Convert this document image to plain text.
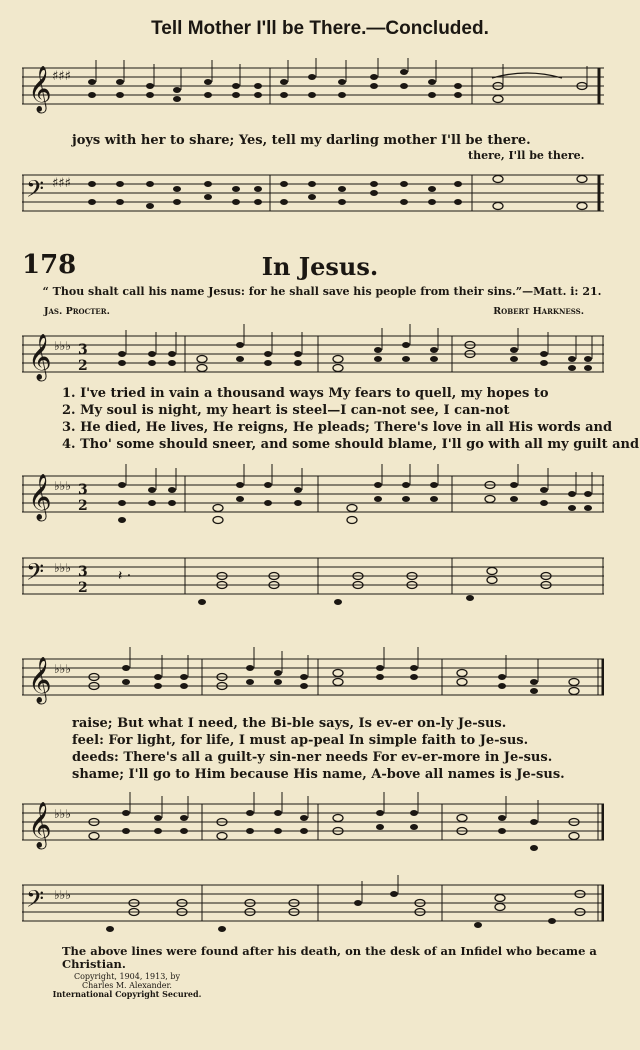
Tell Mother I'll be There.—Concluded.
𝄞 ♯♯♯
joys with her to share; Yes, tell my darling mother I'll be there.
there, I'll be there.
𝄢 ♯♯♯
178	In Jesus.
“ Thou shalt call his name Jesus: for he shall save his people from their sins.”—Matt. i: 21.
Jas. Procter.	Robert Harkness.
𝄞 ♭♭♭ 3
2
1. I've tried in vain a thousand ways My fears to quell, my hopes to
2. My soul is night, my heart is steel—I can-not see, I can-not
3. He died, He lives, He reigns, He pleads; There's love in all His words and
4. Tho' some should sneer, and some should blame, I'll go with all my guilt and
𝄞 ♭♭♭ 3
2
𝄢 ♭♭♭ 3
2
𝄽 ·
𝄞 ♭♭♭
raise; But what I need, the Bi-ble says, Is ev-er on-ly Je-sus.
feel: For light, for life, I must ap-peal In simple faith to Je-sus.
deeds: There's all a guilt-y sin-ner needs For ev-er-more in Je-sus.
shame; I'll go to Him because His name, A-bove all names is Je-sus.
𝄞 ♭♭♭
𝄢 ♭♭♭
The above lines were found after his death, on the desk of an Infidel who became a Christian.
Copyright, 1904, 1913, by
Charles M. Alexander.
International Copyright Secured.
